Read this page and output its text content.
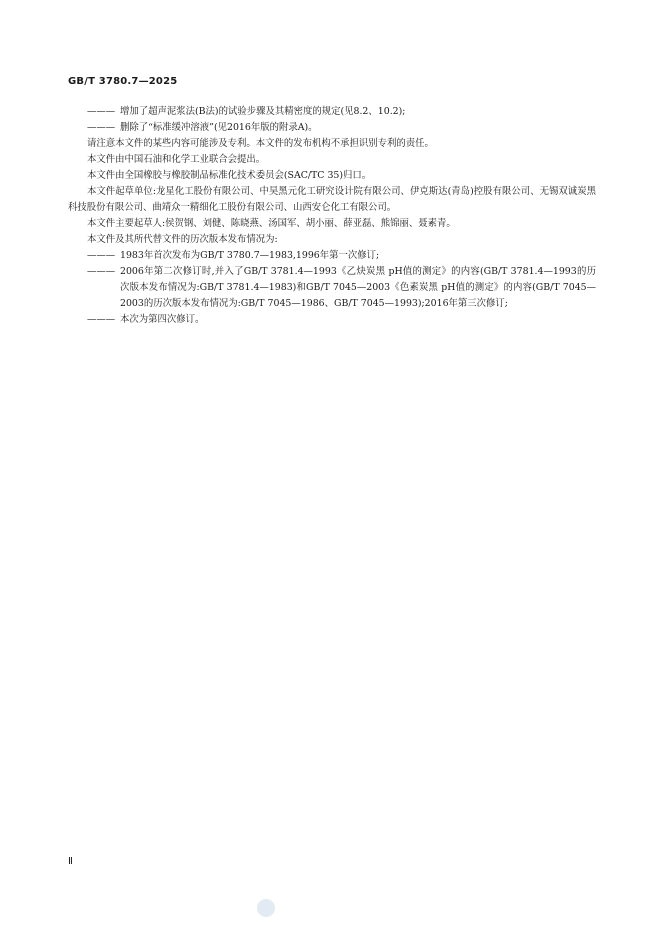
GB/T 3780.7—2025

——— 增加了超声泥浆法(B法)的试验步骤及其精密度的规定(见8.2、10.2);

——— 删除了“标准缓冲溶液”(见2016年版的附录A)。

请注意本文件的某些内容可能涉及专利。本文件的发布机构不承担识别专利的责任。

本文件由中国石油和化学工业联合会提出。

本文件由全国橡胶与橡胶制品标准化技术委员会(SAC/TC 35)归口。

本文件起草单位:龙星化工股份有限公司、中昊黑元化工研究设计院有限公司、伊克斯达(青岛)控股有限公司、无锡双诚炭黑科技股份有限公司、曲靖众一精细化工股份有限公司、山西安仑化工有限公司。

本文件主要起草人:侯贺钢、刘健、陈晓燕、汤国军、胡小丽、薛亚磊、熊锦丽、聂素青。

本文件及其所代替文件的历次版本发布情况为:

——— 1983年首次发布为GB/T 3780.7—1983,1996年第一次修订;

——— 2006年第二次修订时,并入了GB/T 3781.4—1993《乙炔炭黑 pH值的测定》的内容(GB/T 3781.4—1993的历次版本发布情况为:GB/T 3781.4—1983)和GB/T 7045—2003《色素炭黑 pH值的测定》的内容(GB/T 7045—2003的历次版本发布情况为:GB/T 7045—1986、GB/T 7045—1993);2016年第三次修订;

——— 本次为第四次修订。

Ⅱ
